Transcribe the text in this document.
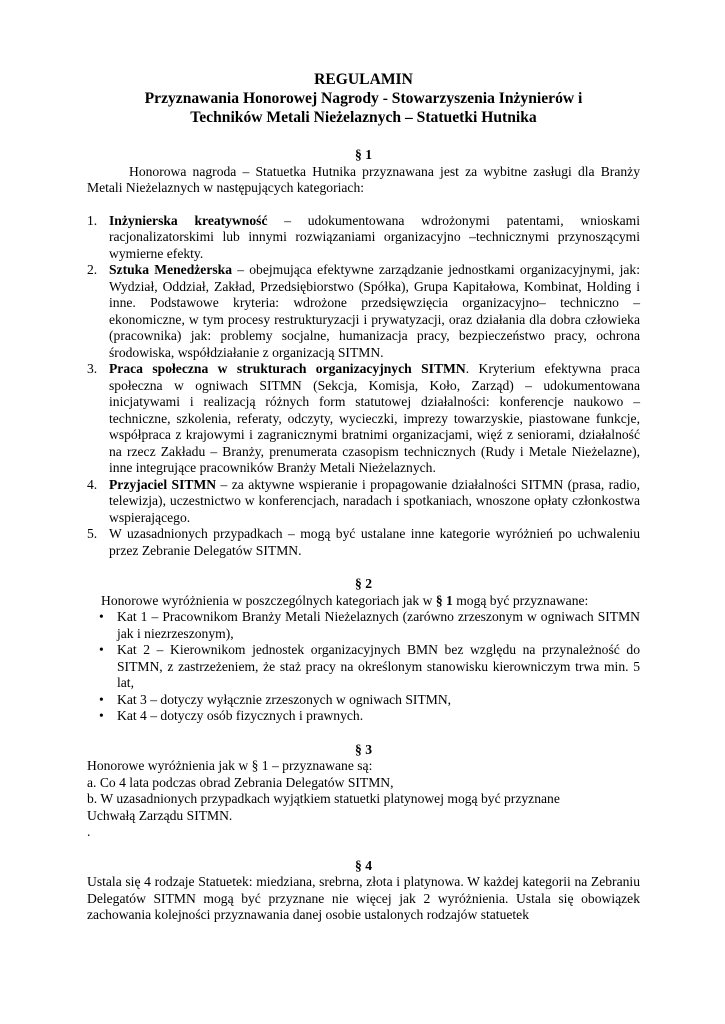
REGULAMIN
Przyznawania Honorowej Nagrody - Stowarzyszenia Inżynierów i
Techników Metali Nieżelaznych – Statuetki Hutnika
§ 1

Honorowa nagroda – Statuetka Hutnika przyznawana jest za wybitne zasługi dla Branży Metali Nieżelaznych w następujących kategoriach:

1. Inżynierska kreatywność – udokumentowana wdrożonymi patentami, wnioskami racjonalizatorskimi lub innymi rozwiązaniami organizacyjno –technicznymi przynoszącymi wymierne efekty.
2. Sztuka Menedżerska – obejmująca efektywne zarządzanie jednostkami organizacyjnymi, jak: Wydział, Oddział, Zakład, Przedsiębiorstwo (Spółka), Grupa Kapitałowa, Kombinat, Holding i inne. Podstawowe kryteria: wdrożone przedsięwzięcia organizacyjno– techniczno – ekonomiczne, w tym procesy restrukturyzacji i prywatyzacji, oraz działania dla dobra człowieka (pracownika) jak: problemy socjalne, humanizacja pracy, bezpieczeństwo pracy, ochrona środowiska, współdziałanie z organizacją SITMN.
3. Praca społeczna w strukturach organizacyjnych SITMN. Kryterium efektywna praca społeczna w ogniwach SITMN (Sekcja, Komisja, Koło, Zarząd) – udokumentowana inicjatywami i realizacją różnych form statutowej działalności: konferencje naukowo – techniczne, szkolenia, referaty, odczyty, wycieczki, imprezy towarzyskie, piastowane funkcje, współpraca z krajowymi i zagranicznymi bratnimi organizacjami, więź z seniorami, działalność na rzecz Zakładu – Branży, prenumerata czasopism technicznych (Rudy i Metale Nieżelazne), inne integrujące pracowników Branży Metali Nieżelaznych.
4. Przyjaciel SITMN – za aktywne wspieranie i propagowanie działalności SITMN (prasa, radio, telewizja), uczestnictwo w konferencjach, naradach i spotkaniach, wnoszone opłaty członkostwa wspierającego.
5. W uzasadnionych przypadkach – mogą być ustalane inne kategorie wyróżnień po uchwaleniu przez Zebranie Delegatów SITMN.
§ 2

Honorowe wyróżnienia w poszczególnych kategoriach jak w § 1 mogą być przyznawane:

• Kat 1 – Pracownikom Branży Metali Nieżelaznych (zarówno zrzeszonym w ogniwach SITMN jak i niezrzeszonym),
• Kat 2 – Kierownikom jednostek organizacyjnych BMN bez względu na przynależność do SITMN, z zastrzeżeniem, że staż pracy na określonym stanowisku kierowniczym trwa min. 5 lat,
• Kat 3 – dotyczy wyłącznie zrzeszonych w ogniwach SITMN,
• Kat 4 – dotyczy osób fizycznych i prawnych.
§ 3

Honorowe wyróżnienia jak w § 1 – przyznawane są:

a. Co 4 lata podczas obrad Zebrania Delegatów SITMN,

b. W uzasadnionych przypadkach wyjątkiem statuetki platynowej mogą być przyznane

Uchwałą Zarządu SITMN.

.

§ 4

Ustala się 4 rodzaje Statuetek: miedziana, srebrna, złota i platynowa. W każdej kategorii na Zebraniu Delegatów SITMN mogą być przyznane nie więcej jak 2 wyróżnienia. Ustala się obowiązek zachowania kolejności przyznawania danej osobie ustalonych rodzajów statuetek
